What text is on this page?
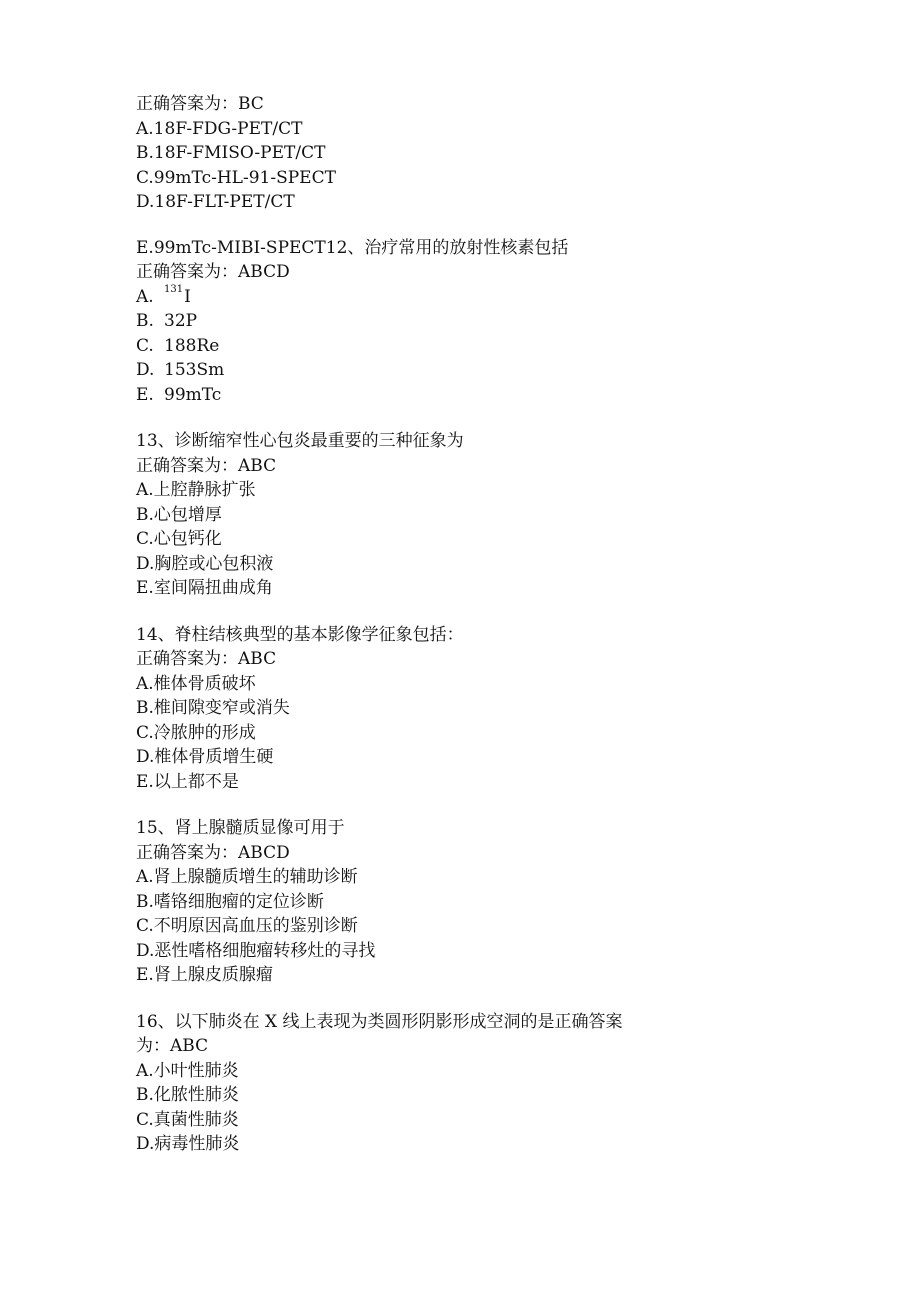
正确答案为：BC
A.18F-FDG-PET/CT
B.18F-FMISO-PET/CT
C.99mTc-HL-91-SPECT
D.18F-FLT-PET/CT
E.99mTc-MIBI-SPECT12、治疗常用的放射性核素包括
正确答案为：ABCD
A. $^{131}$I
B. 32P
C. 188Re
D. 153Sm
E. 99mTc
13、诊断缩窄性心包炎最重要的三种征象为
正确答案为：ABC
A.上腔静脉扩张
B.心包增厚
C.心包钙化
D.胸腔或心包积液
E.室间隔扭曲成角
14、脊柱结核典型的基本影像学征象包括：
正确答案为：ABC
A.椎体骨质破坏
B.椎间隙变窄或消失
C.冷脓肿的形成
D.椎体骨质增生硬
E.以上都不是
15、肾上腺髓质显像可用于
正确答案为：ABCD
A.肾上腺髓质增生的辅助诊断
B.嗜铬细胞瘤的定位诊断
C.不明原因高血压的鉴别诊断
D.恶性嗜格细胞瘤转移灶的寻找
E.肾上腺皮质腺瘤
16、以下肺炎在 X 线上表现为类圆形阴影形成空洞的是正确答案
为：ABC
A.小叶性肺炎
B.化脓性肺炎
C.真菌性肺炎
D.病毒性肺炎
